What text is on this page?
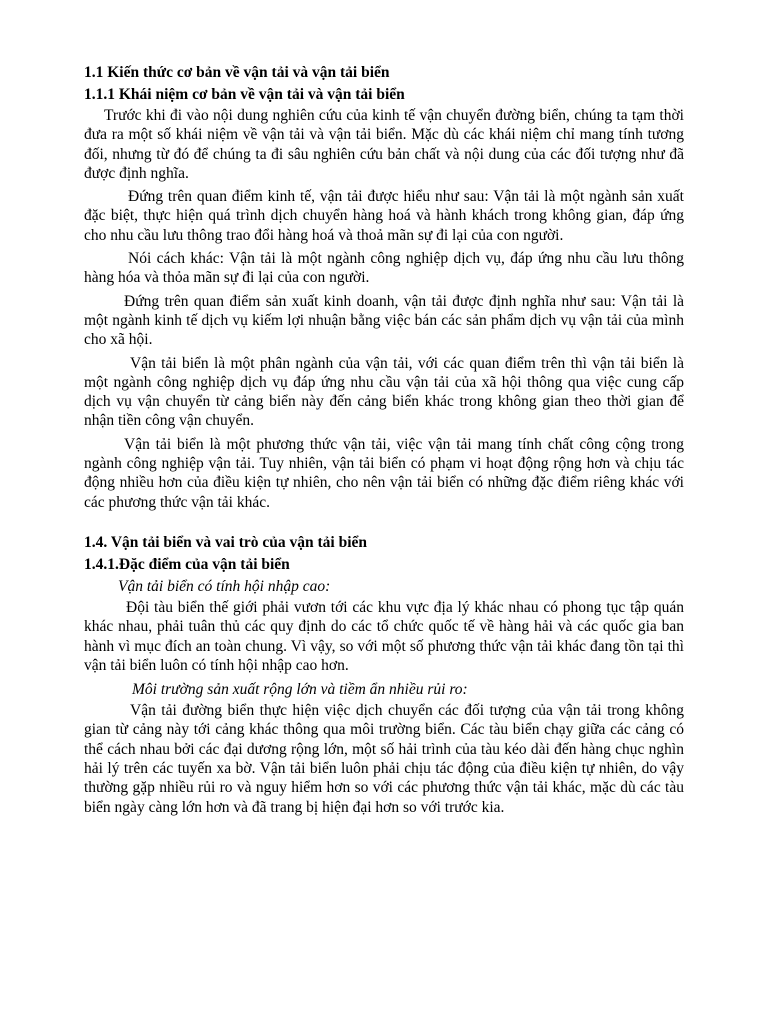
1.1 Kiến thức cơ bản về vận tải và vận tải biển
1.1.1 Khái niệm cơ bản về vận tải và vận tải biển

Trước khi đi vào nội dung nghiên cứu của kinh tế vận chuyển đường biển, chúng ta tạm thời đưa ra một số khái niệm về vận tải và vận tải biển. Mặc dù các khái niệm chỉ mang tính tương đối, nhưng từ đó để chúng ta đi sâu nghiên cứu bản chất và nội dung của các đối tượng như đã được định nghĩa.

Đứng trên quan điểm kinh tế, vận tải được hiểu như sau: Vận tải là một ngành sản xuất đặc biệt, thực hiện quá trình dịch chuyển hàng hoá và hành khách trong không gian, đáp ứng cho nhu cầu lưu thông trao đổi hàng hoá và thoả mãn sự đi lại của con người.

Nói cách khác: Vận tải là một ngành công nghiệp dịch vụ, đáp ứng nhu cầu lưu thông hàng hóa và thỏa mãn sự đi lại của con người.

Đứng trên quan điểm sản xuất kinh doanh, vận tải được định nghĩa như sau: Vận tải là một ngành kinh tế dịch vụ kiếm lợi nhuận bằng việc bán các sản phẩm dịch vụ vận tải của mình cho xã hội.

Vận tải biển là một phân ngành của vận tải, với các quan điểm trên thì vận tải biển là một ngành công nghiệp dịch vụ đáp ứng nhu cầu vận tải của xã hội thông qua việc cung cấp dịch vụ vận chuyển từ cảng biển này đến cảng biển khác trong không gian theo thời gian để nhận tiền công vận chuyển.

Vận tải biển là một phương thức vận tải, việc vận tải mang tính chất công cộng trong ngành công nghiệp vận tải. Tuy nhiên, vận tải biển có phạm vi hoạt động rộng hơn và chịu tác động nhiều hơn của điều kiện tự nhiên, cho nên vận tải biển có những đặc điểm riêng khác với các phương thức vận tải khác.

1.4. Vận tải biển và vai trò của vận tải biển
1.4.1.Đặc điểm của vận tải biển
Vận tải biển có tính hội nhập cao:

Đội tàu biển thế giới phải vươn tới các khu vực địa lý khác nhau có phong tục tập quán khác nhau, phải tuân thủ các quy định do các tổ chức quốc tế về hàng hải và các quốc gia ban hành vì mục đích an toàn chung. Vì vậy, so với một số phương thức vận tải khác đang tồn tại thì vận tải biển luôn có tính hội nhập cao hơn.

Môi trường sản xuất rộng lớn và tiềm ẩn nhiều rủi ro:

Vận tải đường biển thực hiện việc dịch chuyển các đối tượng của vận tải trong không gian từ cảng này tới cảng khác thông qua môi trường biển. Các tàu biển chạy giữa các cảng có thể cách nhau bởi các đại dương rộng lớn, một số hải trình của tàu kéo dài đến hàng chục nghìn hải lý trên các tuyến xa bờ. Vận tải biển luôn phải chịu tác động của điều kiện tự nhiên, do vậy thường gặp nhiều rủi ro và nguy hiểm hơn so với các phương thức vận tải khác, mặc dù các tàu biển ngày càng lớn hơn và đã trang bị hiện đại hơn so với trước kia.
